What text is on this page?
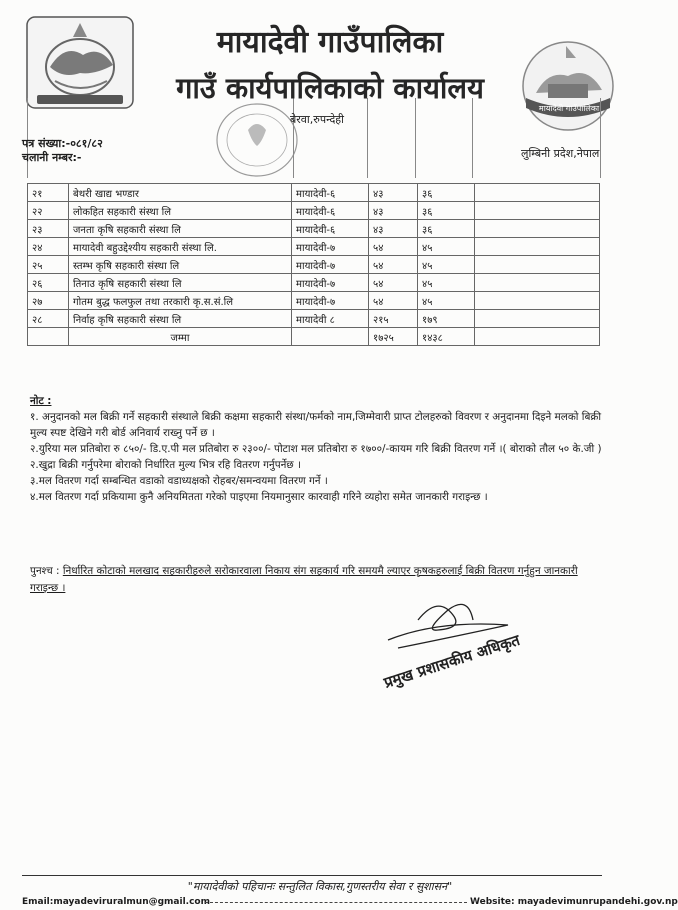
मायादेवी गाउँपालिका
मायादेवी गाउँपालिका
गाउँ कार्यपालिकाको कार्यालय
बेरवा,रुपन्देही
पत्र संख्या:-०८१/८२
चलानी नम्बर:-	लुम्बिनी प्रदेश,नेपाल
२१	बेथरी खाद्य भण्डार	मायादेवी-६	४३	३६	
२२	लोकहित सहकारी संस्था लि	मायादेवी-६	४३	३६	
२३	जनता कृषि सहकारी संस्था लि	मायादेवी-६	४३	३६	
२४	मायादेवी बहुउद्देश्यीय सहकारी संस्था लि.	मायादेवी-७	५४	४५	
२५	स्तम्भ कृषि सहकारी संस्था लि	मायादेवी-७	५४	४५	
२६	तिनाउ कृषि सहकारी संस्था लि	मायादेवी-७	५४	४५	
२७	गोतम बुद्ध फलफुल तथा तरकारी कृ.स.सं.लि	मायादेवी-७	५४	४५	
२८	निर्वाह कृषि सहकारी संस्था लि	मायादेवी ८	२१५	१७९	
	जम्मा		१७२५	१४३८	

नोट :

१. अनुदानको मल बिक्री गर्ने सहकारी संस्थाले बिक्री कक्षमा सहकारी संस्था/फर्मको नाम,जिम्मेवारी प्राप्त टोलहरुको विवरण र अनुदानमा दिइने मलको बिक्री मुल्य स्पष्ट देखिने गरी बोर्ड अनिवार्य राख्नु पर्ने छ ।

२.युरिया मल प्रतिबोरा रु ८५०/- डि.ए.पी मल प्रतिबोरा रु २३००/- पोटाश मल प्रतिबोरा रु १७००/-कायम गरि बिक्री वितरण गर्ने ।( बोराको तौल ५० के.जी )

२.खुद्रा बिक्री गर्नुपरेमा बोराको निर्धारित मुल्य भित्र रहि वितरण गर्नुपर्नेछ ।

३.मल वितरण गर्दा सम्बन्धित वडाको वडाध्यक्षको रोहबर/समन्वयमा वितरण गर्ने ।

४.मल वितरण गर्दा प्रकियामा कुनै अनियमितता गरेको पाइएमा नियमानुसार कारवाही गरिने व्यहोरा समेत जानकारी गराइन्छ ।

पुनश्च : निर्धारित कोटाको मलखाद सहकारीहरुले सरोकारवाला निकाय संग सहकार्य गरि समयमै ल्याएर कृषकहरुलाई बिक्री वितरण गर्नुहुन जानकारी गराइन्छ ।
प्रमुख प्रशासकीय अधिकृत
"मायादेवीको पहिचानः सन्तुलित विकास,गुणस्तरीय सेवा र सुशासन"
Email:mayadeviruralmun@gmail.com	Website: mayadevimunrupandehi.gov.np
